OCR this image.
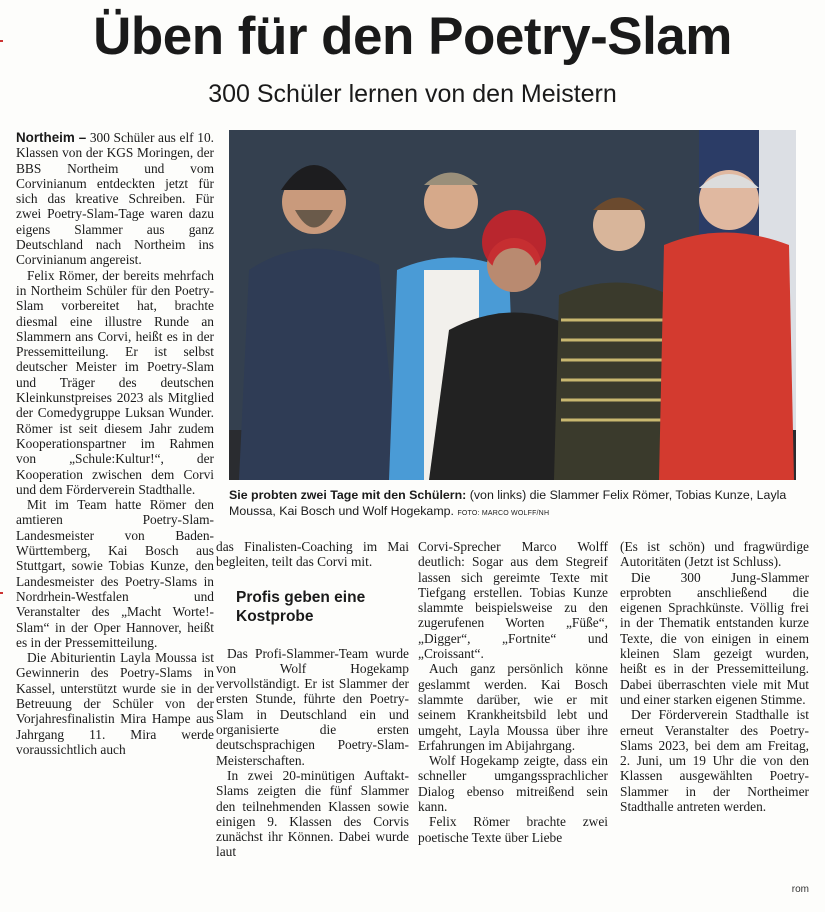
Üben für den Poetry-Slam
300 Schüler lernen von den Meistern

Northeim – 300 Schüler aus elf 10. Klassen von der KGS Moringen, der BBS Northeim und vom Corvinianum entdeckten jetzt für sich das kreative Schreiben. Für zwei Poetry-Slam-Tage waren dazu eigens Slammer aus ganz Deutschland nach Northeim ins Corvinianum angereist.

Felix Römer, der bereits mehrfach in Northeim Schüler für den Poetry-Slam vorbereitet hat, brachte diesmal eine illustre Runde an Slammern ans Corvi, heißt es in der Pressemitteilung. Er ist selbst deutscher Meister im Poetry-Slam und Träger des deutschen Kleinkunstpreises 2023 als Mitglied der Comedygruppe Luksan Wunder. Römer ist seit diesem Jahr zudem Kooperationspartner im Rahmen von „Schule:Kultur!“, der Kooperation zwischen dem Corvi und dem Förderverein Stadthalle.

Mit im Team hatte Römer den amtieren Poetry-Slam-Landesmeister von Baden-Württemberg, Kai Bosch aus Stuttgart, sowie Tobias Kunze, den Landesmeister des Poetry-Slams in Nordrhein-Westfalen und Veranstalter des „Macht Worte!-Slam“ in der Oper Hannover, heißt es in der Pressemitteilung.

Die Abiturientin Layla Moussa ist Gewinnerin des Poetry-Slams in Kassel, unterstützt wurde sie in der Betreuung der Schüler von der Vorjahresfinalistin Mira Hampe aus Jahrgang 11. Mira werde voraussichtlich auch

Sie probten zwei Tage mit den Schülern: (von links) die Slammer Felix Römer, Tobias Kunze, Layla Moussa, Kai Bosch und Wolf Hogekamp. FOTO: MARCO WOLFF/NH

das Finalisten-Coaching im Mai begleiten, teilt das Corvi mit.

Profis geben eine Kostprobe

Das Profi-Slammer-Team wurde von Wolf Hogekamp vervollständigt. Er ist Slammer der ersten Stunde, führte den Poetry-Slam in Deutschland ein und organisierte die ersten deutschsprachigen Poetry-Slam-Meisterschaften.

In zwei 20-minütigen Auftakt-Slams zeigten die fünf Slammer den teilnehmenden Klassen sowie einigen 9. Klassen des Corvis zunächst ihr Können. Dabei wurde laut

Corvi-Sprecher Marco Wolff deutlich: Sogar aus dem Stegreif lassen sich gereimte Texte mit Tiefgang erstellen. Tobias Kunze slammte beispielsweise zu den zugerufenen Worten „Füße“, „Digger“, „Fortnite“ und „Croissant“.

Auch ganz persönlich könne geslammt werden. Kai Bosch slammte darüber, wie er mit seinem Krankheitsbild lebt und umgeht, Layla Moussa über ihre Erfahrungen im Abijahrgang.

Wolf Hogekamp zeigte, dass ein schneller umgangssprachlicher Dialog ebenso mitreißend sein kann.

Felix Römer brachte zwei poetische Texte über Liebe

(Es ist schön) und fragwürdige Autoritäten (Jetzt ist Schluss).

Die 300 Jung-Slammer erprobten anschließend die eigenen Sprachkünste. Völlig frei in der Thematik entstanden kurze Texte, die von einigen in einem kleinen Slam gezeigt wurden, heißt es in der Pressemitteilung. Dabei überraschten viele mit Mut und einer starken eigenen Stimme.

Der Förderverein Stadthalle ist erneut Veranstalter des Poetry-Slams 2023, bei dem am Freitag, 2. Juni, um 19 Uhr die von den Klassen ausgewählten Poetry-Slammer in der Northeimer Stadthalle antreten werden.

rom
